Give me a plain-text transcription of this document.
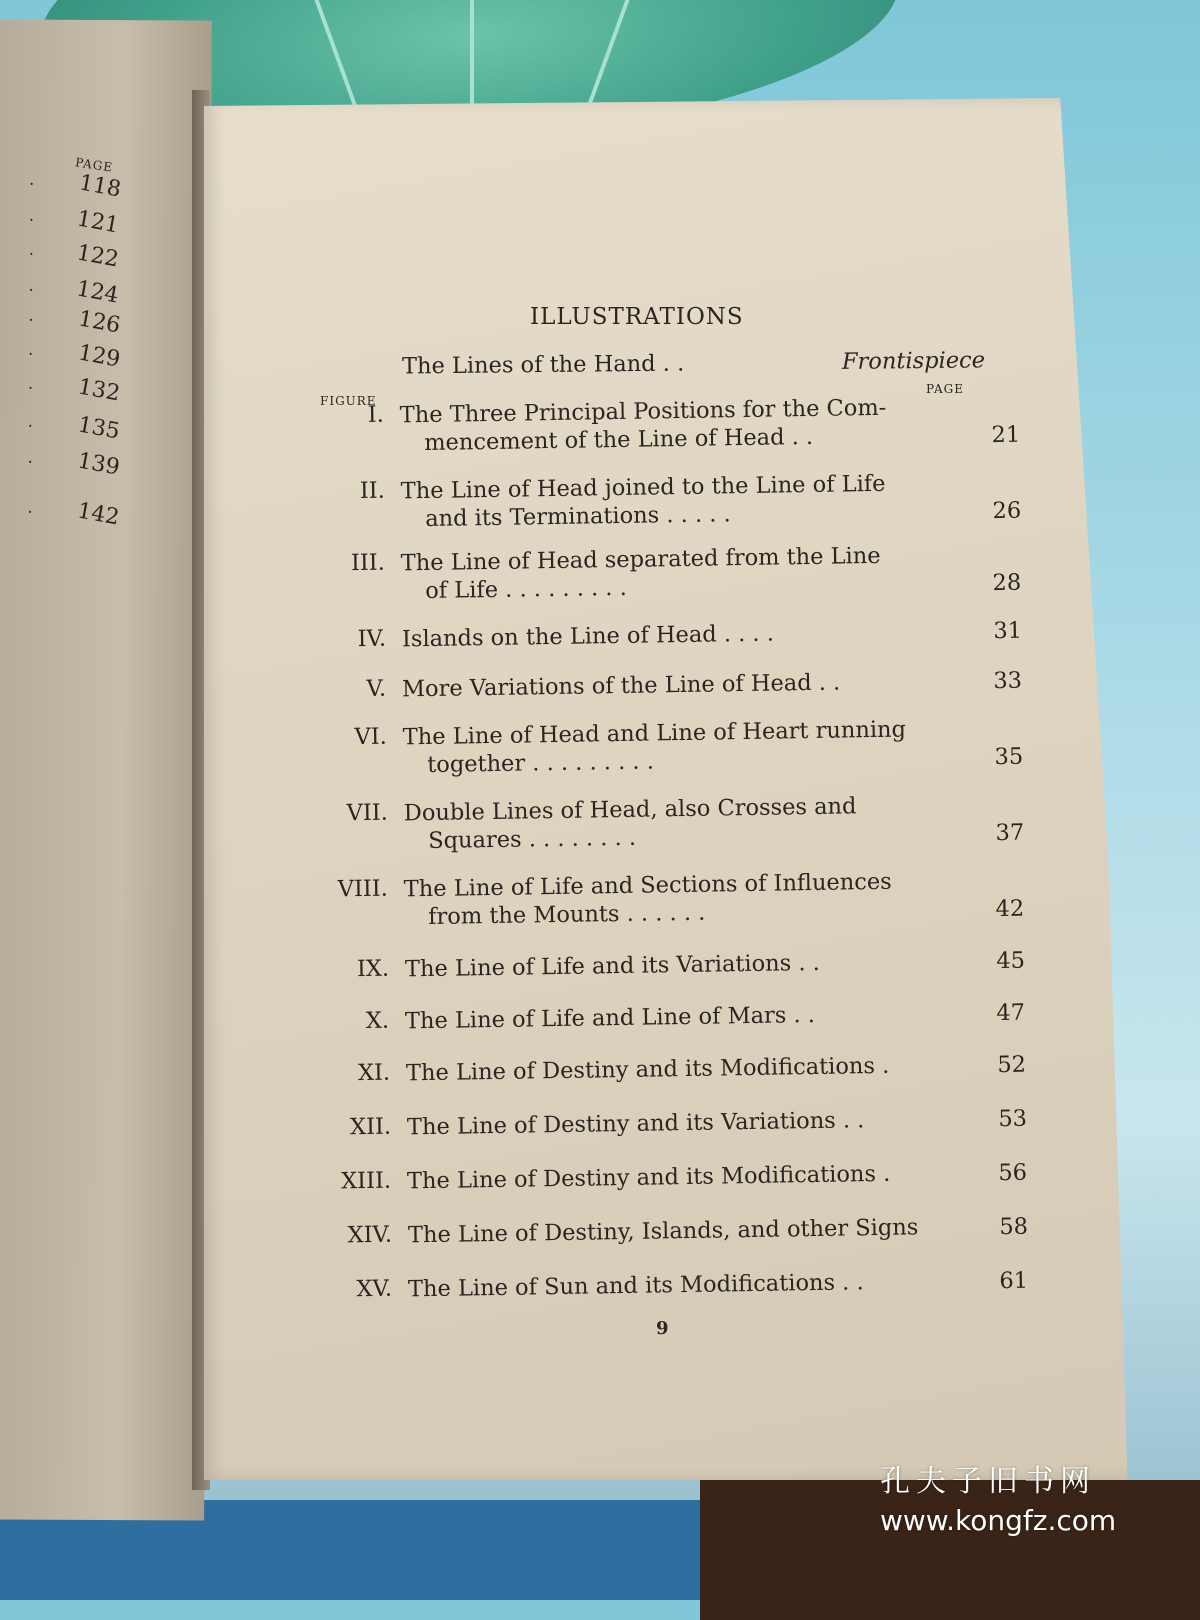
PAGE
118
.
121
.
122
.
124
.
126
.
129
.
132
.
135
.
139
.
142
.
ILLUSTRATIONS
The Lines of the Hand . .	Frontispiece
PAGE
FIGURE
I. The Three Principal Positions for the Com-
mencement of the Line of Head . .	21
II. The Line of Head joined to the Line of Life
and its Terminations . . . . .	26
III. The Line of Head separated from the Line
of Life . . . . . . . . .	28
IV. Islands on the Line of Head . . . .	31
V. More Variations of the Line of Head . .	33
VI. The Line of Head and Line of Heart running
together . . . . . . . . .	35
VII. Double Lines of Head, also Crosses and
Squares . . . . . . . .	37
VIII. The Line of Life and Sections of Influences
from the Mounts . . . . . .	42
IX. The Line of Life and its Variations . .	45
X. The Line of Life and Line of Mars . .	47
XI. The Line of Destiny and its Modifications .	52
XII. The Line of Destiny and its Variations . .	53
XIII. The Line of Destiny and its Modifications .	56
XIV. The Line of Destiny, Islands, and other Signs	58
XV. The Line of Sun and its Modifications . .	61
9
孔夫子旧书网
www.kongfz.com
